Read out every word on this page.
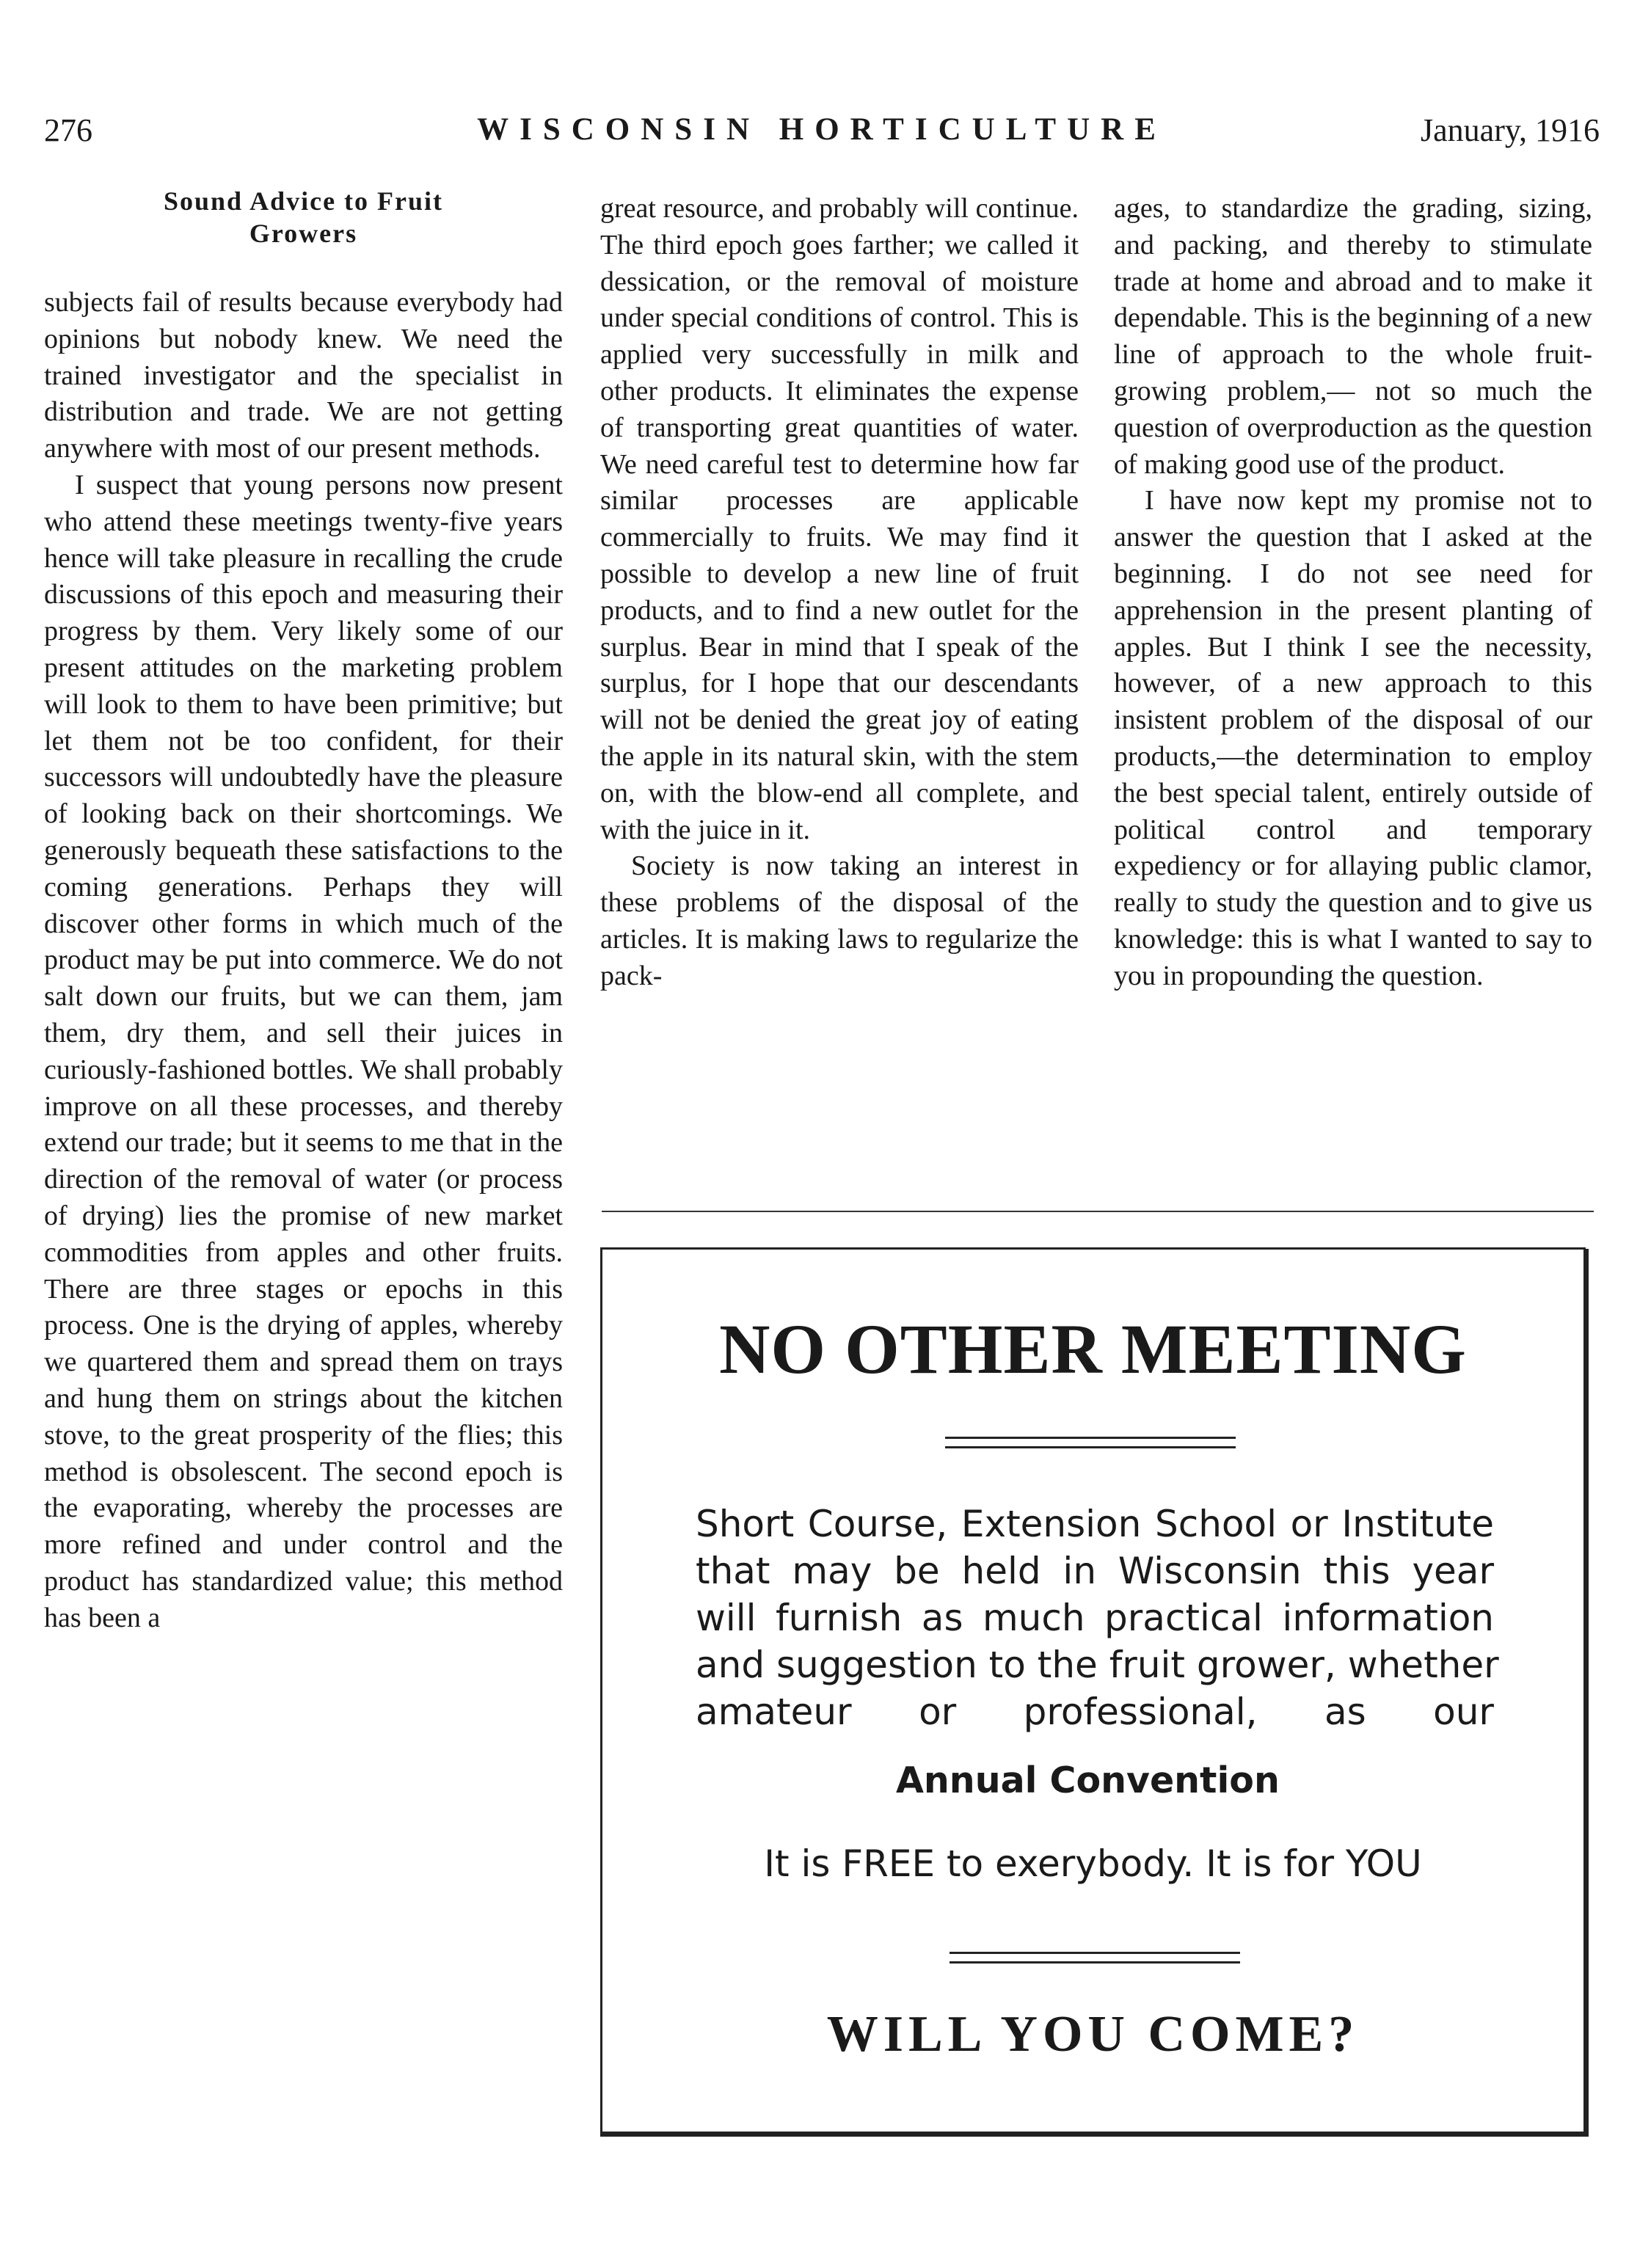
276	WISCONSIN HORTICULTURE	January, 1916
Sound Advice to Fruit
Growers

subjects fail of results because everybody had opinions but nobody knew. We need the trained investigator and the specialist in distribution and trade. We are not getting anywhere with most of our present methods.

I suspect that young persons now present who attend these meetings twenty-five years hence will take pleasure in recalling the crude discussions of this epoch and measuring their progress by them. Very likely some of our present attitudes on the marketing problem will look to them to have been primitive; but let them not be too confident, for their successors will undoubtedly have the pleasure of looking back on their shortcomings. We generously bequeath these satisfactions to the coming generations. Perhaps they will discover other forms in which much of the product may be put into commerce. We do not salt down our fruits, but we can them, jam them, dry them, and sell their juices in curiously-fashioned bottles. We shall probably improve on all these processes, and thereby extend our trade; but it seems to me that in the direction of the removal of water (or process of drying) lies the promise of new market commodities from apples and other fruits. There are three stages or epochs in this process. One is the drying of apples, whereby we quartered them and spread them on trays and hung them on strings about the kitchen stove, to the great prosperity of the flies; this method is obsolescent. The second epoch is the evaporating, whereby the processes are more refined and under control and the product has standardized value; this method has been a

great resource, and probably will continue. The third epoch goes farther; we called it dessication, or the removal of moisture under special conditions of control. This is applied very successfully in milk and other products. It eliminates the expense of transporting great quantities of water. We need careful test to determine how far similar processes are applicable commercially to fruits. We may find it possible to develop a new line of fruit products, and to find a new outlet for the surplus. Bear in mind that I speak of the surplus, for I hope that our descendants will not be denied the great joy of eating the apple in its natural skin, with the stem on, with the blow-end all complete, and with the juice in it.

Society is now taking an interest in these problems of the disposal of the articles. It is making laws to regularize the pack-

ages, to standardize the grading, sizing, and packing, and thereby to stimulate trade at home and abroad and to make it dependable. This is the beginning of a new line of approach to the whole fruit-growing problem,— not so much the question of overproduction as the question of making good use of the product.

I have now kept my promise not to answer the question that I asked at the beginning. I do not see need for apprehension in the present planting of apples. But I think I see the necessity, however, of a new approach to this insistent problem of the disposal of our products,—the determination to employ the best special talent, entirely outside of political control and temporary expediency or for allaying public clamor, really to study the question and to give us knowledge: this is what I wanted to say to you in propounding the question.

NO OTHER MEETING
Short Course, Extension School or Institute
that may be held in Wisconsin this year
will furnish as much practical information
and suggestion to the fruit grower, whether
amateur or professional, as our
Annual Convention
It is FREE to exerybody. It is for YOU
WILL YOU COME?
